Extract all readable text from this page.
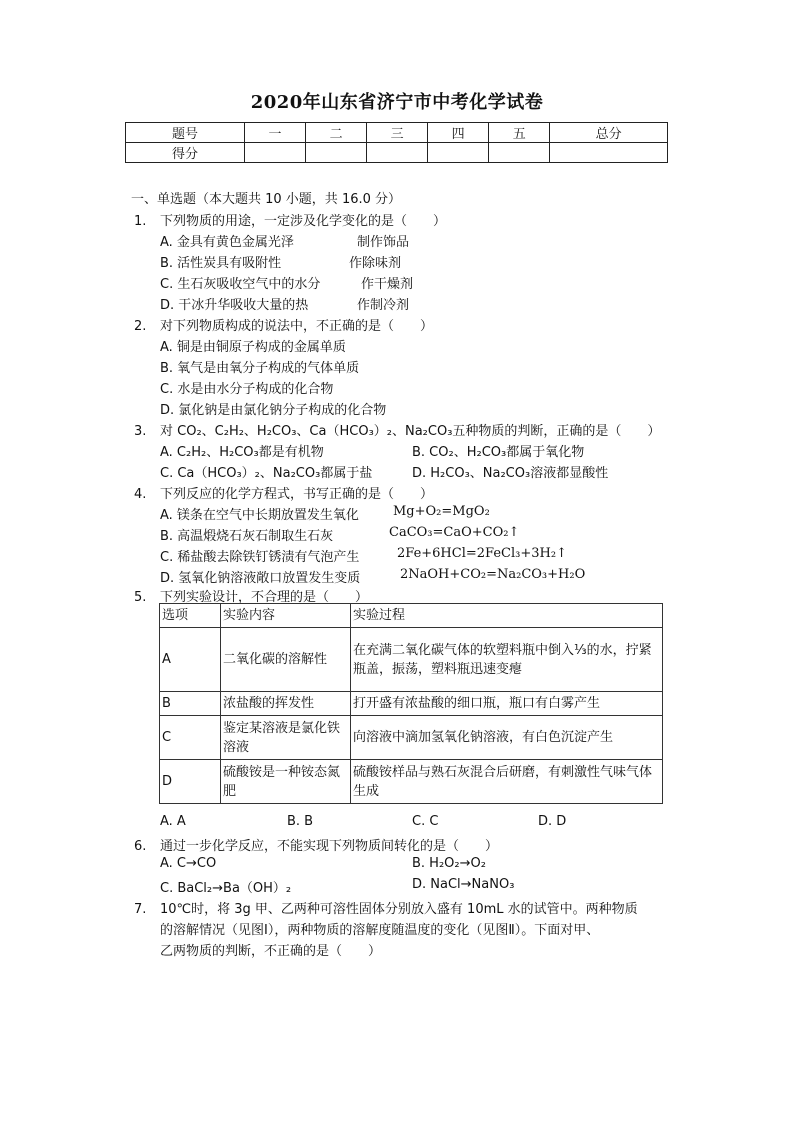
2020年山东省济宁市中考化学试卷
题号	一	二	三	四	五	总分
得分						
一、单选题（本大题共 10 小题，共 16.0 分）
1. 下列物质的用途，一定涉及化学变化的是（　　）
A. 金具有黄色金属光泽	制作饰品
B. 活性炭具有吸附性	作除味剂
C. 生石灰吸收空气中的水分	作干燥剂
D. 干冰升华吸收大量的热	作制冷剂
2. 对下列物质构成的说法中，不正确的是（　　）
A. 铜是由铜原子构成的金属单质
B. 氧气是由氧分子构成的气体单质
C. 水是由水分子构成的化合物
D. 氯化钠是由氯化钠分子构成的化合物
3. 对 CO₂、C₂H₂、H₂CO₃、Ca（HCO₃）₂、Na₂CO₃五种物质的判断，正确的是（　　）
A. C₂H₂、H₂CO₃都是有机物	B. CO₂、H₂CO₃都属于氧化物
C. Ca（HCO₃）₂、Na₂CO₃都属于盐	D. H₂CO₃、Na₂CO₃溶液都显酸性
4. 下列反应的化学方程式，书写正确的是（　　）
A. 镁条在空气中长期放置发生氧化	Mg+O₂=MgO₂
B. 高温煅烧石灰石制取生石灰	CaCO₃=CaO+CO₂↑
C. 稀盐酸去除铁钉锈渍有气泡产生	2Fe+6HCl=2FeCl₃+3H₂↑
D. 氢氧化钠溶液敞口放置发生变质	2NaOH+CO₂=Na₂CO₃+H₂O
5. 下列实验设计，不合理的是（　　）
选项	实验内容	实验过程
A	二氧化碳的溶解性	在充满二氧化碳气体的软塑料瓶中倒入⅓的水，拧紧瓶盖，振荡，塑料瓶迅速变瘪
B	浓盐酸的挥发性	打开盛有浓盐酸的细口瓶，瓶口有白雾产生
C	鉴定某溶液是氯化铁溶液	向溶液中滴加氢氧化钠溶液，有白色沉淀产生
D	硫酸铵是一种铵态氮肥	硫酸铵样品与熟石灰混合后研磨，有刺激性气味气体生成
A. A	B. B	C. C	D. D
6. 通过一步化学反应，不能实现下列物质间转化的是（　　）
A. C→CO	B. H₂O₂→O₂
C. BaCl₂→Ba（OH）₂	D. NaCl→NaNO₃
7. 10℃时，将 3g 甲、乙两种可溶性固体分别放入盛有 10mL 水的试管中。两种物质
的溶解情况（见图Ⅰ），两种物质的溶解度随温度的变化（见图Ⅱ）。下面对甲、
乙两物质的判断，不正确的是（　　）
